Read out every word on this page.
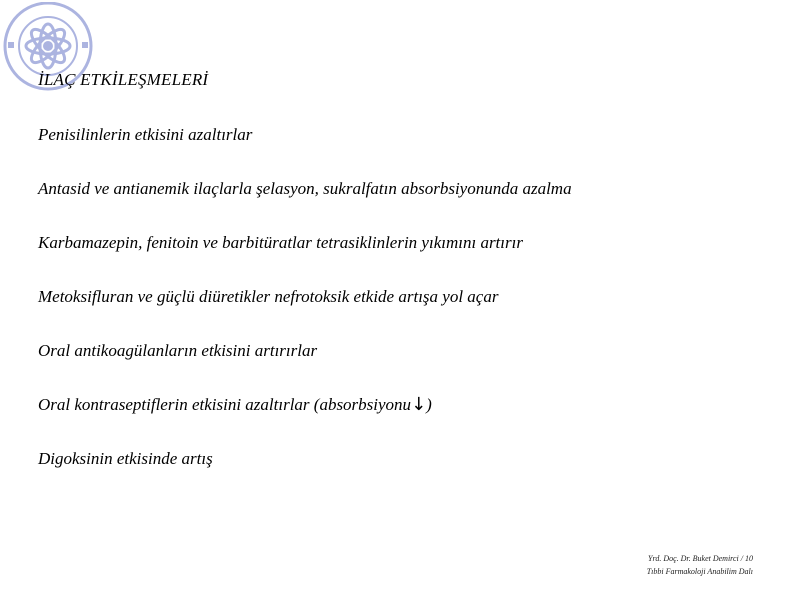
İLAÇ ETKİLEŞMELERİ
Penisilinlerin etkisini azaltırlar
Antasid ve antianemik ilaçlarla şelasyon, sukralfatın absorbsiyonunda azalma
Karbamazepin, fenitoin ve barbitüratlar tetrasiklinlerin yıkımını artırır
Metoksifluran ve güçlü diüretikler nefrotoksik etkide artışa yol açar
Oral antikoagülanların etkisini artırırlar
Oral kontraseptiflerin etkisini azaltırlar (absorbsiyonu↓)
Digoksinin etkisinde artış
Yrd. Doç. Dr. Buket Demirci / 10
Tıbbi Farmakoloji Anabilim Dalı
